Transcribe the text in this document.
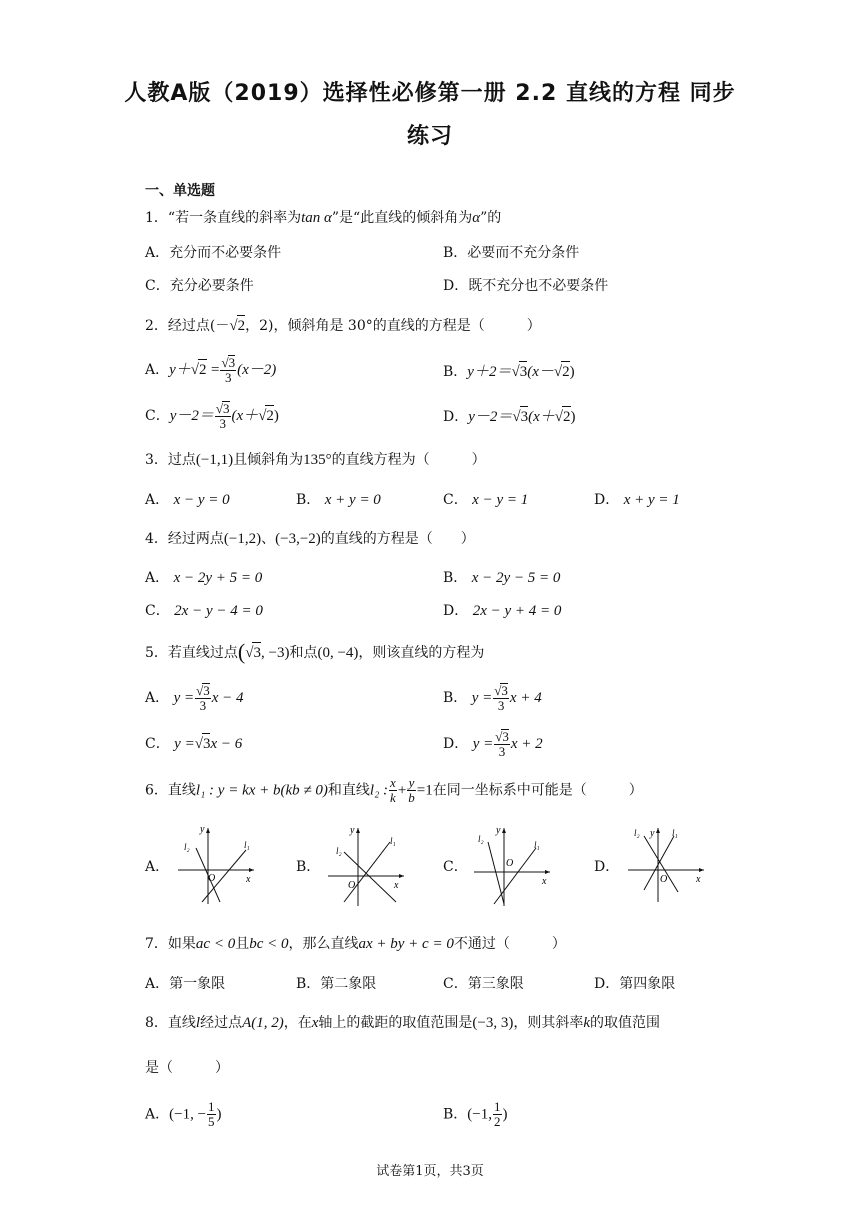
人教A版（2019）选择性必修第一册 2.2 直线的方程 同步
练习
一、单选题
1．“若一条直线的斜率为tan α”是“此直线的倾斜角为α”的
A．充分而不必要条件	B．必要而不充分条件
C．充分必要条件	D．既不充分也不必要条件
2．经过点(－√2，2)，倾斜角是 30°的直线的方程是（　　　）
A．$y+√2 = \frac{√3}{3} (x-2)$	B．y＋2＝√3(x－√2)
C．$y-2= \frac{√3}{3} (x+√2)$	D．y－2＝√3(x＋√2)
3．过点(−1,1)且倾斜角为135°的直线方程为（　　　）
A． x − y = 0	B． x + y = 0	C． x − y = 1	D． x + y = 1
4．经过两点(−1,2)、(−3,−2)的直线的方程是（　　）
A． x − 2y + 5 = 0	B． x − 2y − 5 = 0
C． 2x − y − 4 = 0	D． 2x − y + 4 = 0
5．若直线过点(√3, −3)和点(0, −4)，则该直线的方程为
A． $y = \frac{√3}{3}$ x − 4	B． $y = \frac{√3}{3}$ x + 4
C． y =√3x − 6	D． $y = \frac{√3}{3}$ x + 2
6．直线l₁ : y = kx + b(kb ≠ 0)和直线l₂ : $\frac{x}{k} + \frac{y}{b} =1$在同一坐标系中可能是（　　　）
A．	B．	C．	D．
y
x
O
l₂	l₁
y
x
O
l₂
l₁
y
x
O
l₂
l₁
y
x
O
l₂	l₁
7．如果ac < 0且bc < 0，那么直线ax + by + c = 0不通过（　　　）
A．第一象限	B．第二象限	C．第三象限	D．第四象限
8．直线l经过点A(1, 2)，在x轴上的截距的取值范围是(−3, 3)，则其斜率k的取值范围
是（　　　）
A．(−1, − $\frac{1}{5}$ )	B．(−1, $\frac{1}{2}$ )
试卷第1页，共3页
